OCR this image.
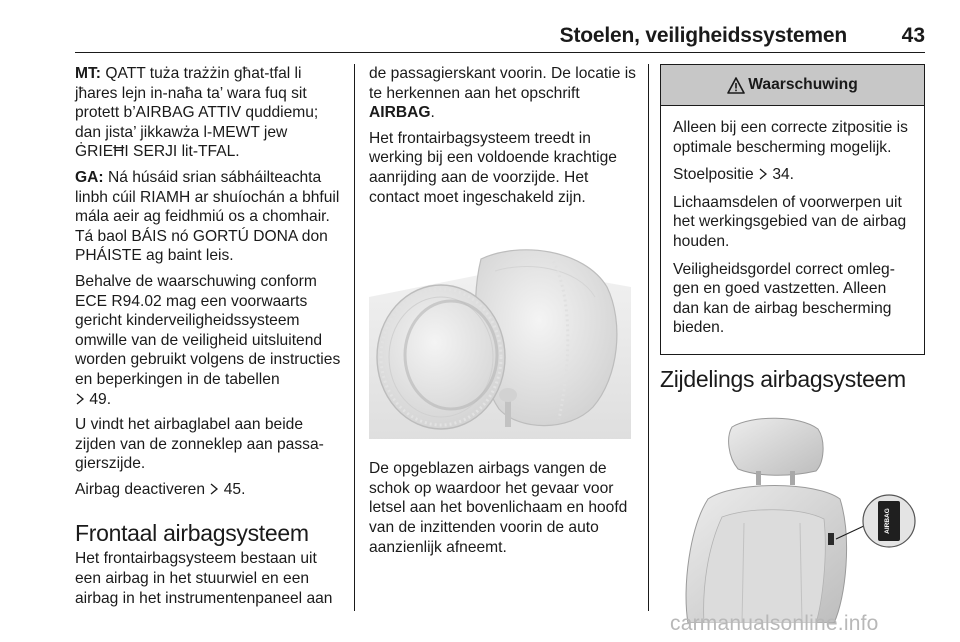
Stoelen, veiligheidssystemen	43

MT: QATT tuża trażżin għat-tfal li jħares lejn in-naħa ta’ wara fuq sit protett b’AIRBAG ATTIV quddiemu; dan jista’ jikkawża l-MEWT jew ĠRIEĦI SERJI lit-TFAL.

GA: Ná húsáid srian sábháilteachta linbh cúil RIAMH ar shuíochán a bhfuil mála aeir ag feidhmiú os a chomhair. Tá baol BÁIS nó GORTÚ DONA don PHÁISTE ag baint leis.

Behalve de waarschuwing conform ECE R94.02 mag een voorwaarts gericht kinderveiligheidssysteem omwille van de veiligheid uitsluitend worden gebruikt volgens de instructies en beperkingen in de tabellen
49.

U vindt het airbaglabel aan beide zijden van de zonneklep aan passagierszijde.

Airbag deactiveren 45.

Frontaal airbagsysteem

Het frontairbagsysteem bestaan uit een airbag in het stuurwiel en een airbag in het instrumentenpaneel aan

de passagierskant voorin. De locatie is te herkennen aan het opschrift AIRBAG.

Het frontairbagsysteem treedt in werking bij een voldoende krachtige aanrijding aan de voorzijde. Het contact moet ingeschakeld zijn.

De opgeblazen airbags vangen de schok op waardoor het gevaar voor letsel aan het bovenlichaam en hoofd van de inzittenden voorin de auto aanzienlijk afneemt.

Waarschuwing

Alleen bij een correcte zitpositie is optimale bescherming mogelijk.

Stoelpositie 34.

Lichaamsdelen of voorwerpen uit het werkingsgebied van de airbag houden.

Veiligheidsgordel correct omleggen en goed vastzetten. Alleen dan kan de airbag bescherming bieden.

Zijdelings airbagsysteem
AIRBAG
carmanualsonline.info
